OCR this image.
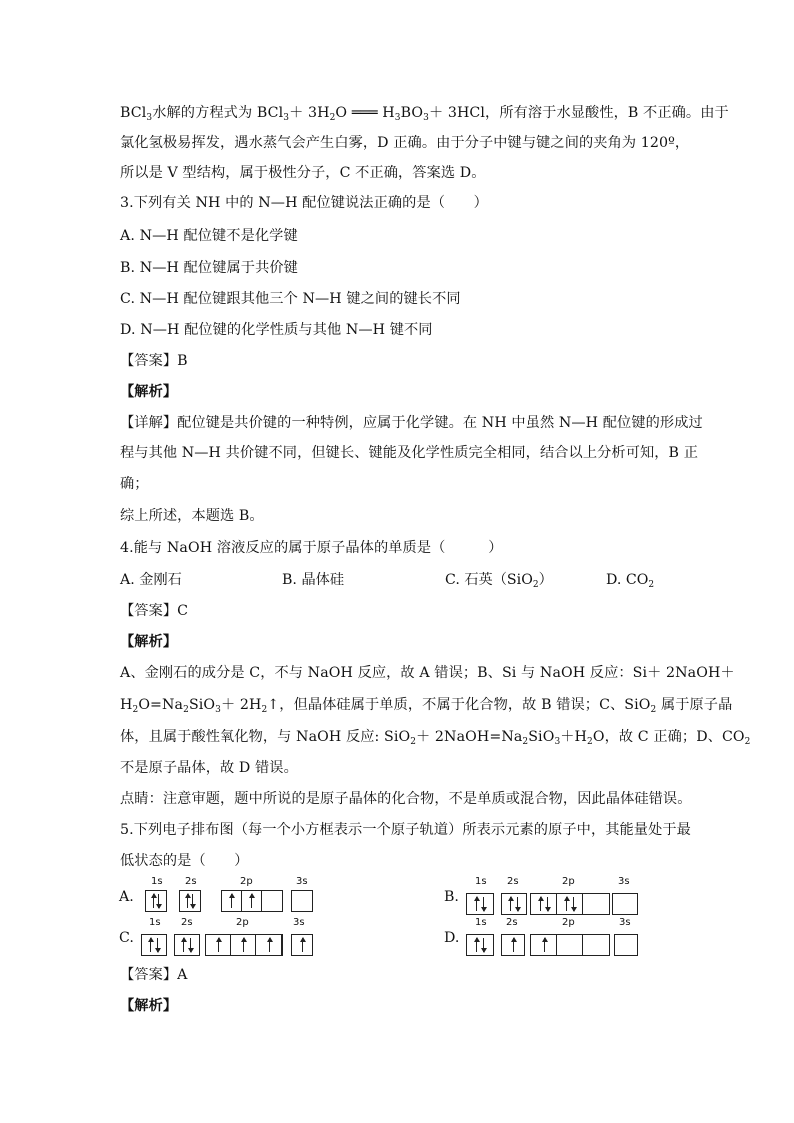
BCl$_3$水解的方程式为 $BCl_3+ 3H_2O$ ═══ $H_3BO_3+ 3HCl$，所有溶于水显酸性，B 不正确。由于
氯化氢极易挥发，遇水蒸气会产生白雾，D 正确。由于分子中键与键之间的夹角为 120º，
所以是 V 型结构，属于极性分子，C 不正确，答案选 D。
3.下列有关 NH 中的 N—H 配位键说法正确的是（　　）
A. N—H 配位键不是化学键
B. N—H 配位键属于共价键
C. N—H 配位键跟其他三个 N—H 键之间的键长不同
D. N—H 配位键的化学性质与其他 N—H 键不同
【答案】B
【解析】
【详解】配位键是共价键的一种特例，应属于化学键。在 NH 中虽然 N—H 配位键的形成过
程与其他 N—H 共价键不同，但键长、键能及化学性质完全相同，结合以上分析可知，B 正
确；
综上所述，本题选 B。
4.能与 NaOH 溶液反应的属于原子晶体的单质是（　　　）
A. 金刚石	B. 晶体硅	C. 石英（SiO$_2$）	D. $CO_2$
【答案】C
【解析】
A、金刚石的成分是 C，不与 NaOH 反应，故 A 错误；B、Si 与 NaOH 反应：Si＋ 2NaOH＋
$H_2O=Na_2SiO_3+$ $2H_2↑$，但晶体硅属于单质，不属于化合物，故 B 错误；C、SiO$_2$ 属于原子晶
体，且属于酸性氧化物，与 NaOH 反应: $SiO_2+ 2NaOH=Na_2SiO_3+H_2O$，故 C 正确；D、$CO_2$
不是原子晶体，故 D 错误。
点睛：注意审题，题中所说的是原子晶体的化合物，不是单质或混合物，因此晶体硅错误。
5.下列电子排布图（每一个小方框表示一个原子轨道）所表示元素的原子中，其能量处于最
低状态的是（　　）
A.
1s 2s	2p	3s
B.
1s 2s	2p	3s
C.
1s 2s	2p	3s
D.
1s 2s	2p	3s
【答案】A
【解析】
